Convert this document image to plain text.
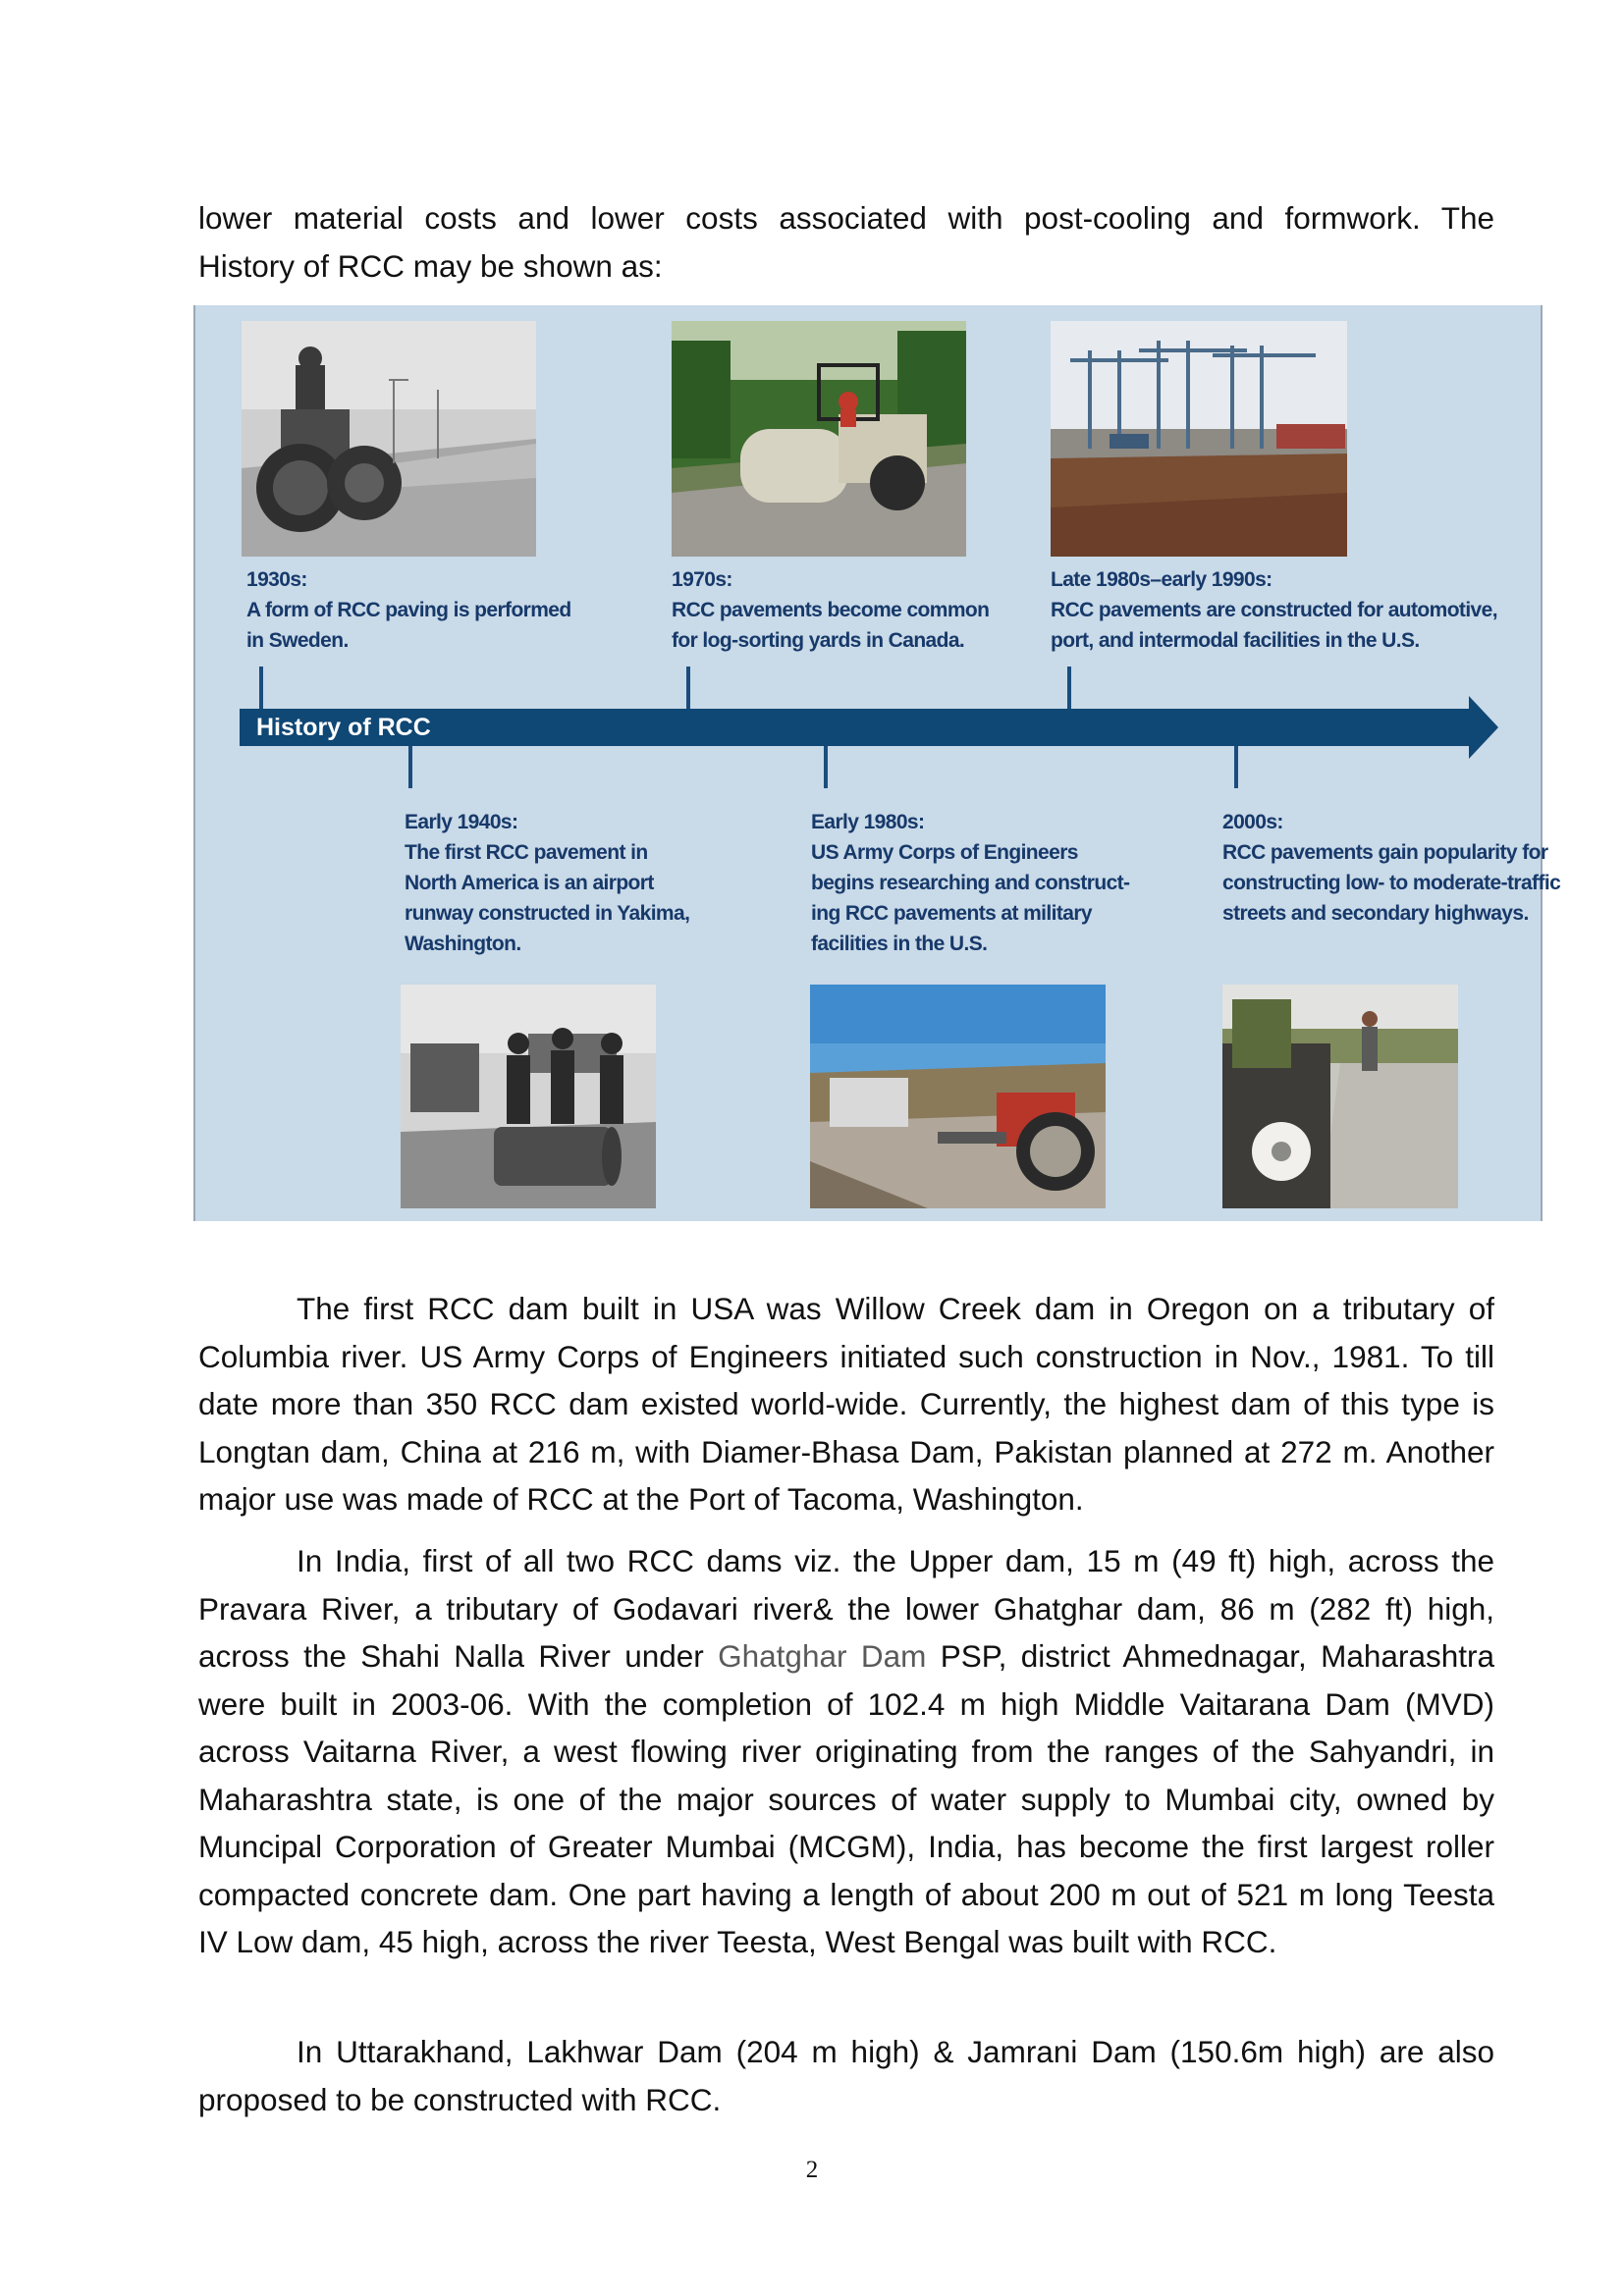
lower material costs and lower costs associated with post-cooling and formwork. The
History of RCC may be shown as:
1930s:
A form of RCC paving is performed
in Sweden.
1970s:
RCC pavements become common
for log-sorting yards in Canada.
Late 1980s–early 1990s:
RCC pavements are constructed for automotive,
port, and intermodal facilities in the U.S.
History of RCC
Early 1940s:
The first RCC pavement in
North America is an airport
runway constructed in Yakima,
Washington.
Early 1980s:
US Army Corps of Engineers
begins researching and construct-
ing RCC pavements at military
facilities in the U.S.
2000s:
RCC pavements gain popularity for
constructing low- to moderate-traffic
streets and secondary highways.

The first RCC dam built in USA was Willow Creek dam in Oregon on a tributary of Columbia river. US Army Corps of Engineers initiated such construction in Nov., 1981. To till date more than 350 RCC dam existed world-wide. Currently, the highest dam of this type is Longtan dam, China at 216 m, with Diamer-Bhasa Dam, Pakistan planned at 272 m. Another major use was made of RCC at the Port of Tacoma, Washington.

In India, first of all two RCC dams viz. the Upper dam, 15 m (49 ft) high, across the Pravara River, a tributary of Godavari river& the lower Ghatghar dam, 86 m (282 ft) high, across the Shahi Nalla River under Ghatghar Dam PSP, district Ahmednagar, Maharashtra were built in 2003-06. With the completion of 102.4 m high Middle Vaitarana Dam (MVD) across Vaitarna River, a west flowing river originating from the ranges of the Sahyandri, in Maharashtra state, is one of the major sources of water supply to Mumbai city, owned by Muncipal Corporation of Greater Mumbai (MCGM), India, has become the first largest roller compacted concrete dam. One part having a length of about 200 m out of 521 m long Teesta IV Low dam, 45 high, across the river Teesta, West Bengal was built with RCC.

In Uttarakhand, Lakhwar Dam (204 m high) & Jamrani Dam (150.6m high) are also proposed to be constructed with RCC.

2
